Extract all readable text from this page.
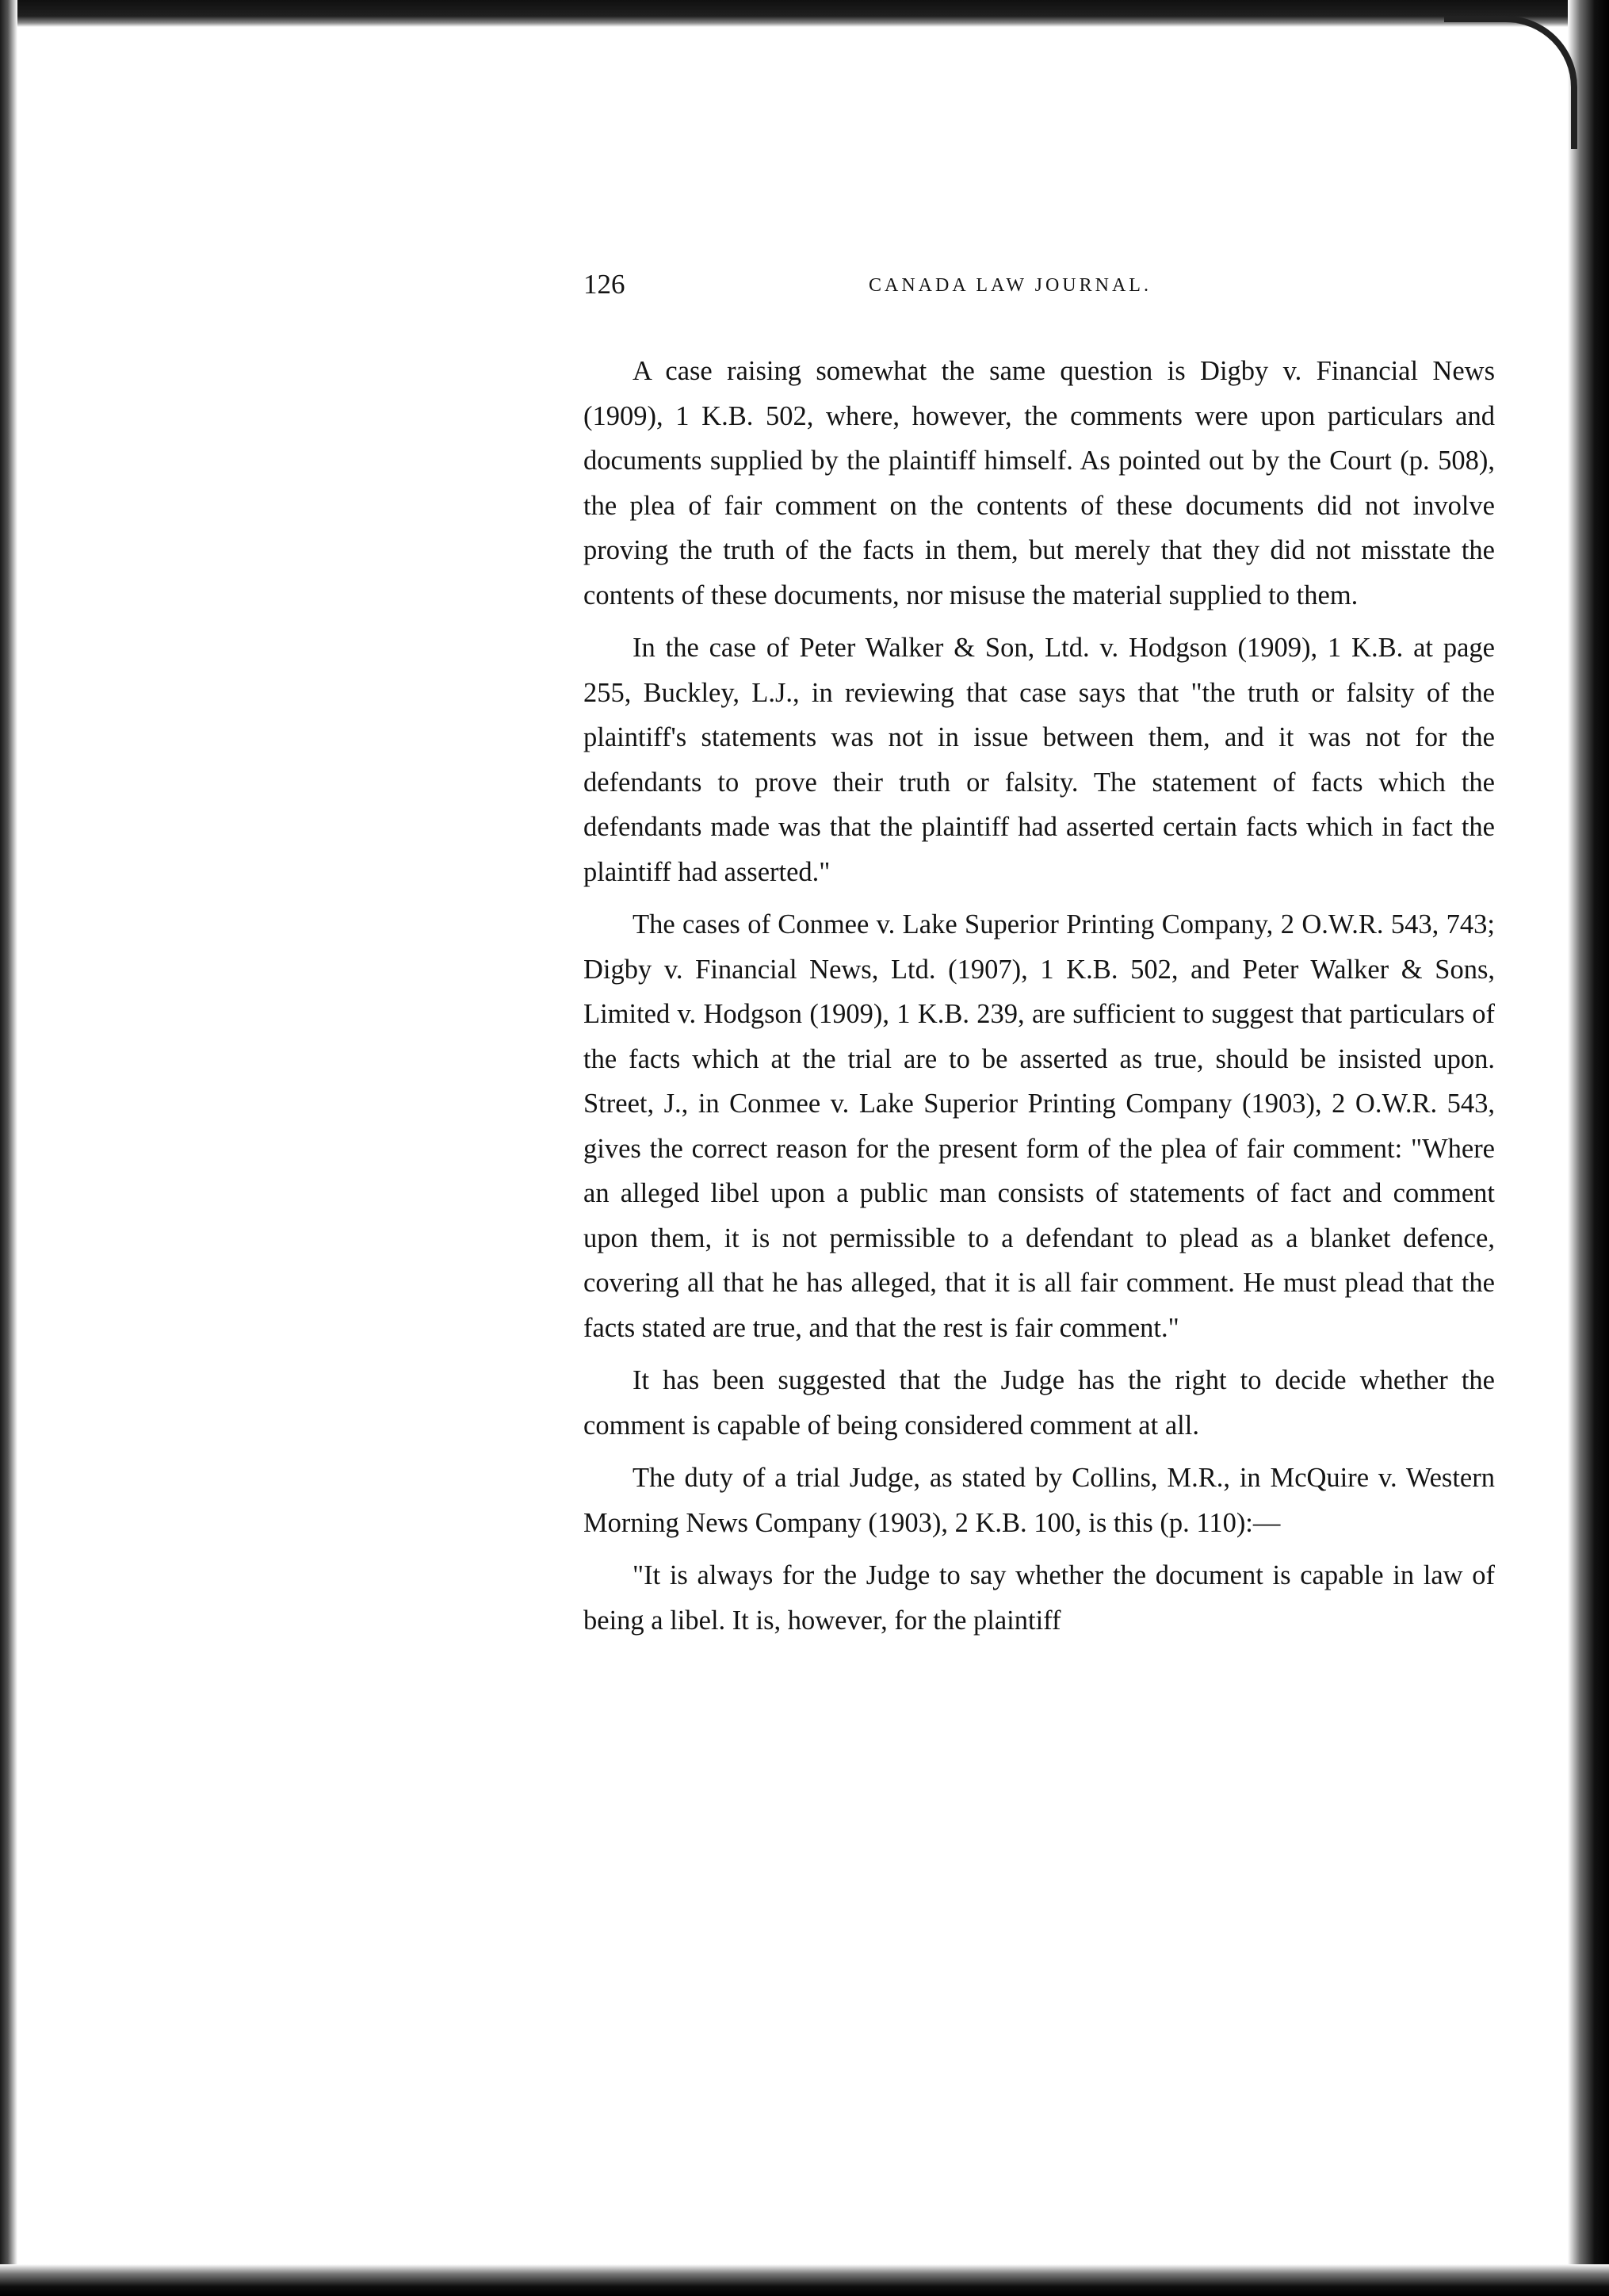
126	CANADA LAW JOURNAL.

A case raising somewhat the same question is Digby v. Financial News (1909), 1 K.B. 502, where, however, the comments were upon particulars and documents supplied by the plaintiff himself. As pointed out by the Court (p. 508), the plea of fair comment on the contents of these documents did not involve proving the truth of the facts in them, but merely that they did not misstate the contents of these documents, nor misuse the material supplied to them.

In the case of Peter Walker & Son, Ltd. v. Hodgson (1909), 1 K.B. at page 255, Buckley, L.J., in reviewing that case says that "the truth or falsity of the plaintiff's statements was not in issue between them, and it was not for the defendants to prove their truth or falsity. The statement of facts which the defendants made was that the plaintiff had asserted certain facts which in fact the plaintiff had asserted."

The cases of Conmee v. Lake Superior Printing Company, 2 O.W.R. 543, 743; Digby v. Financial News, Ltd. (1907), 1 K.B. 502, and Peter Walker & Sons, Limited v. Hodgson (1909), 1 K.B. 239, are sufficient to suggest that particulars of the facts which at the trial are to be asserted as true, should be insisted upon. Street, J., in Conmee v. Lake Superior Printing Company (1903), 2 O.W.R. 543, gives the correct reason for the present form of the plea of fair comment: "Where an alleged libel upon a public man consists of statements of fact and comment upon them, it is not permissible to a defendant to plead as a blanket defence, covering all that he has alleged, that it is all fair comment. He must plead that the facts stated are true, and that the rest is fair comment."

It has been suggested that the Judge has the right to decide whether the comment is capable of being considered comment at all.

The duty of a trial Judge, as stated by Collins, M.R., in McQuire v. Western Morning News Company (1903), 2 K.B. 100, is this (p. 110):—

"It is always for the Judge to say whether the document is capable in law of being a libel. It is, however, for the plaintiff
